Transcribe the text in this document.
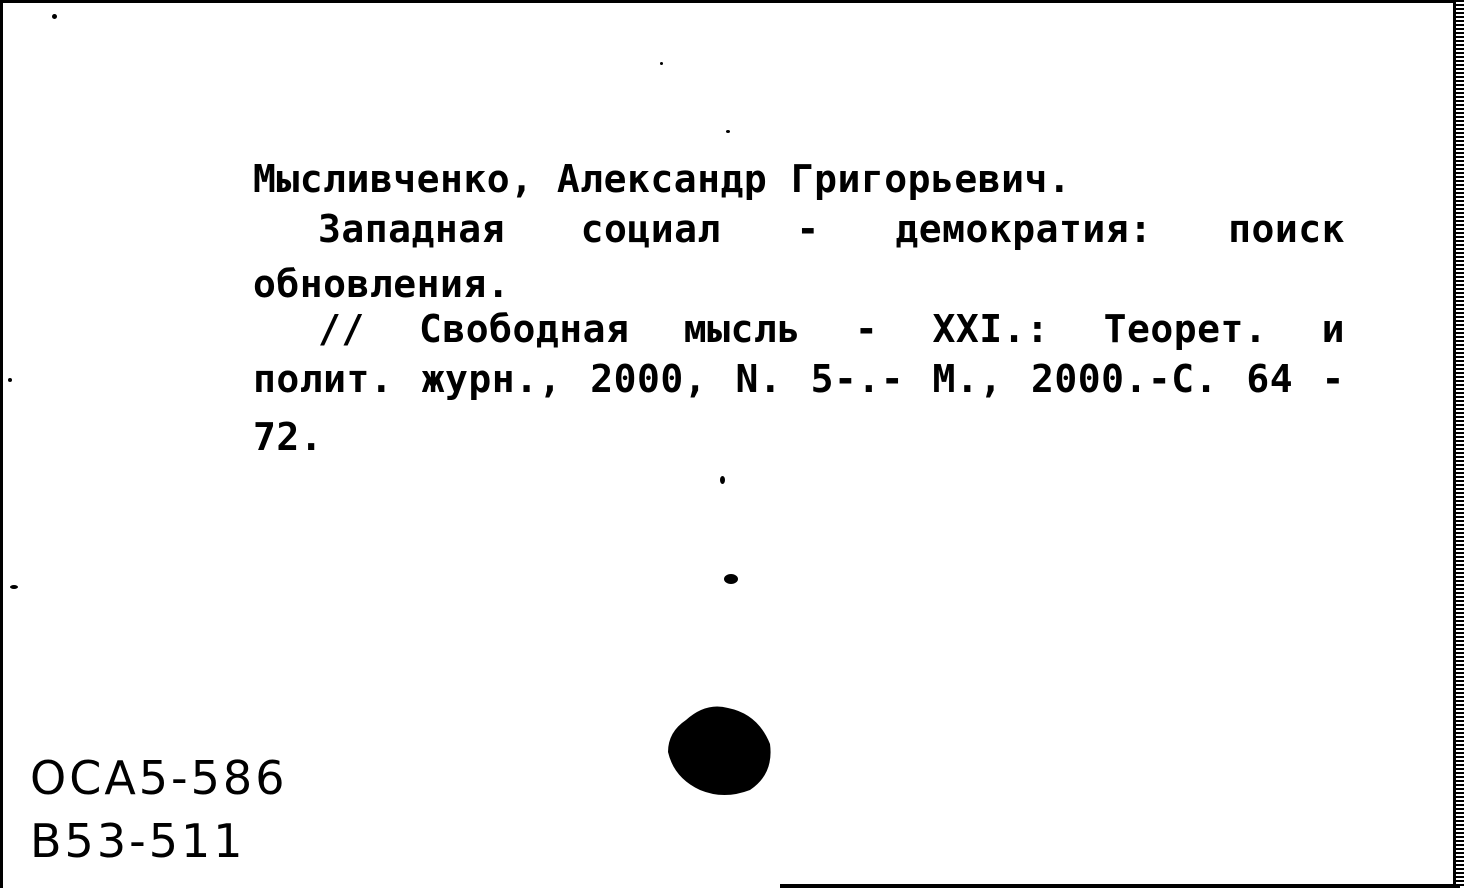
Мысливченко, Александр Григорьевич.
Западная социал - демократия: поиск
обновления.
// Свободная мысль - XXI.: Теорет. и
полит. журн., 2000, N. 5-.- М., 2000.-С. 64 -
72.
ОСА5-586
В53-511
